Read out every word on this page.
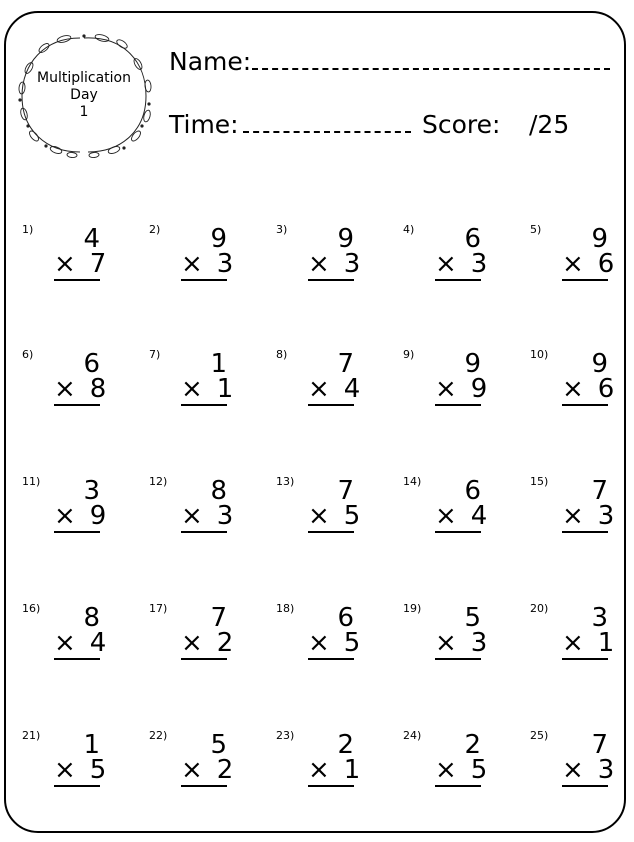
Multiplication
Day
1
Name:
Time:	Score: /25
1)	4
× 7
2)	9
× 3
3)	9
× 3
4)	6
× 3
5)	9
× 6
6)	6
× 8
7)	1
× 1
8)	7
× 4
9)	9
× 9
10)	9
× 6
11)	3
× 9
12)	8
× 3
13)	7
× 5
14)	6
× 4
15)	7
× 3
16)	8
× 4
17)	7
× 2
18)	6
× 5
19)	5
× 3
20)	3
× 1
21)	1
× 5
22)	5
× 2
23)	2
× 1
24)	2
× 5
25)	7
× 3
